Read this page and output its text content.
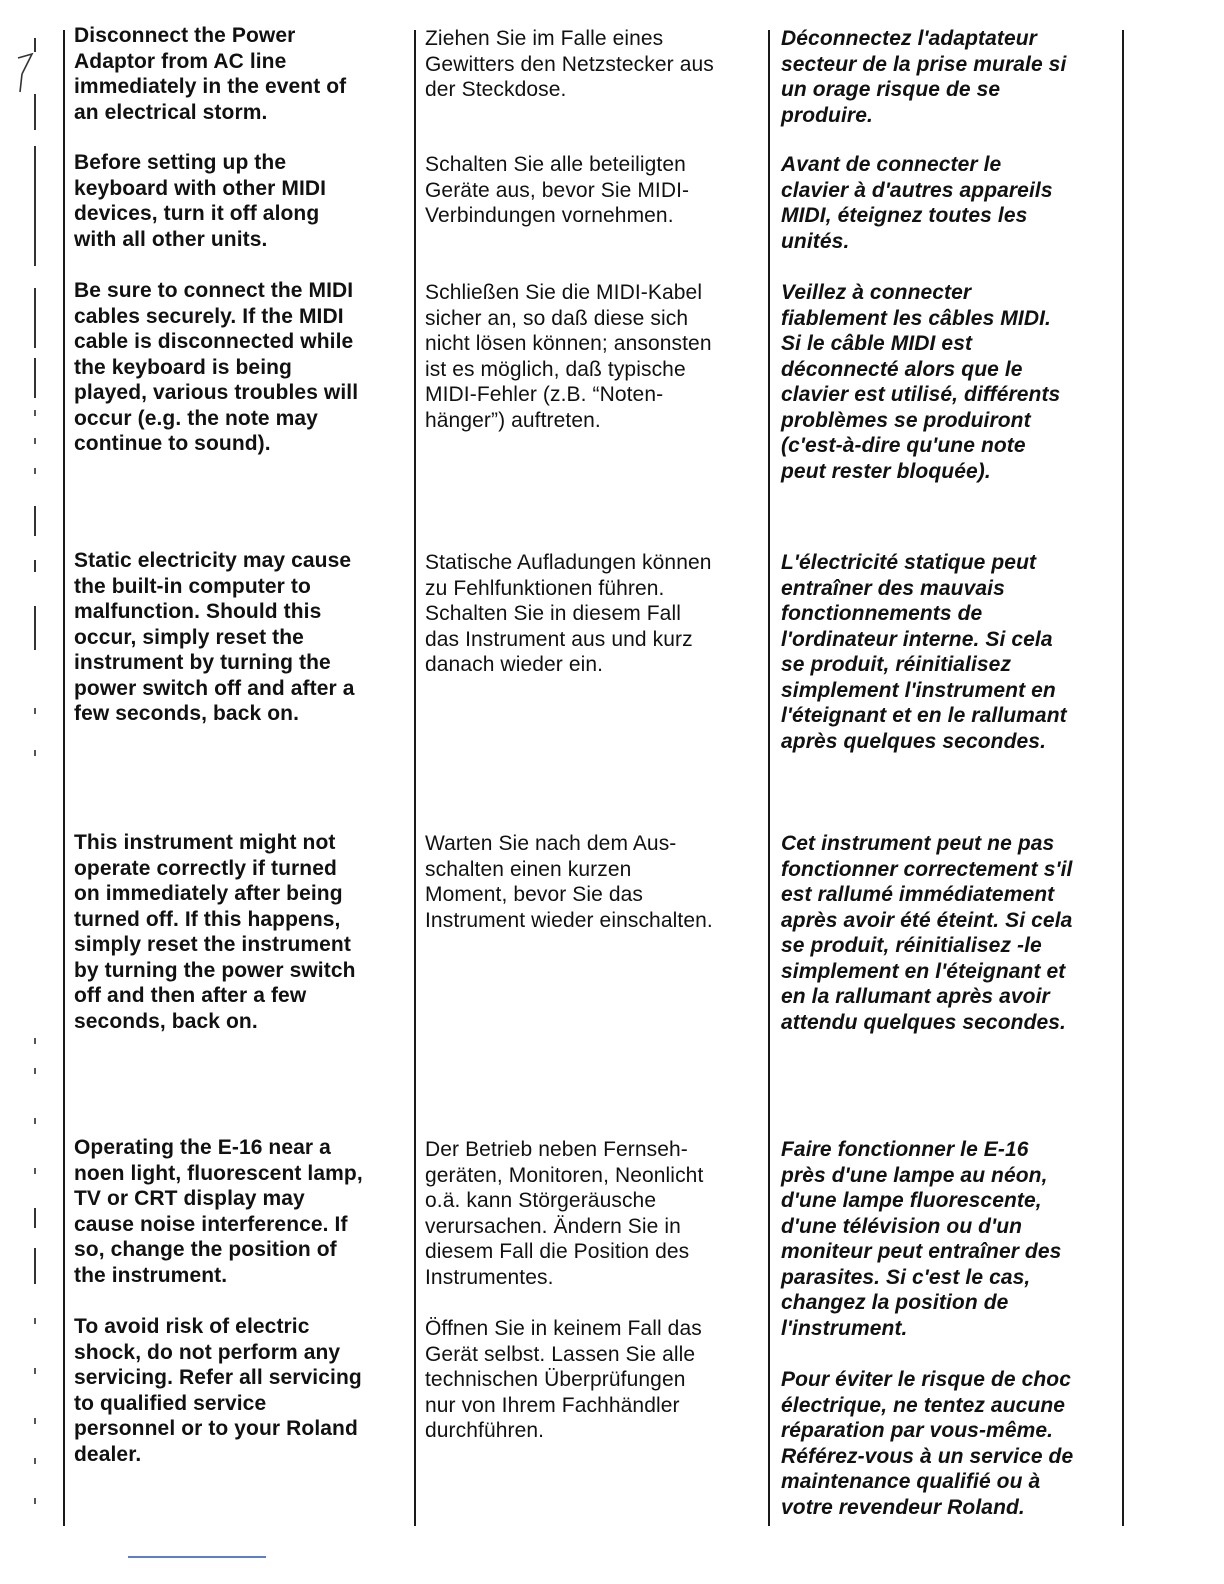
Disconnect the Power
Adaptor from AC line
immediately in the event of
an electrical storm.
Ziehen Sie im Falle eines
Gewitters den Netzstecker aus
der Steckdose.
Déconnectez l'adaptateur
secteur de la prise murale si
un orage risque de se
produire.
Before setting up the
keyboard with other MIDI
devices, turn it off along
with all other units.
Schalten Sie alle beteiligten
Geräte aus, bevor Sie MIDI-
Verbindungen vornehmen.
Avant de connecter le
clavier à d'autres appareils
MIDI, éteignez toutes les
unités.
Be sure to connect the MIDI
cables securely. If the MIDI
cable is disconnected while
the keyboard is being
played, various troubles will
occur (e.g. the note may
continue to sound).
Schließen Sie die MIDI-Kabel
sicher an, so daß diese sich
nicht lösen können; ansonsten
ist es möglich, daß typische
MIDI-Fehler (z.B. “Noten-
hänger”) auftreten.
Veillez à connecter
fiablement les câbles MIDI.
Si le câble MIDI est
déconnecté alors que le
clavier est utilisé, différents
problèmes se produiront
(c'est-à-dire qu'une note
peut rester bloquée).
Static electricity may cause
the built-in computer to
malfunction. Should this
occur, simply reset the
instrument by turning the
power switch off and after a
few seconds, back on.
Statische Aufladungen können
zu Fehlfunktionen führen.
Schalten Sie in diesem Fall
das Instrument aus und kurz
danach wieder ein.
L'électricité statique peut
entraîner des mauvais
fonctionnements de
l'ordinateur interne. Si cela
se produit, réinitialisez
simplement l'instrument en
l'éteignant et en le rallumant
après quelques secondes.
This instrument might not
operate correctly if turned
on immediately after being
turned off. If this happens,
simply reset the instrument
by turning the power switch
off and then after a few
seconds, back on.
Warten Sie nach dem Aus-
schalten einen kurzen
Moment, bevor Sie das
Instrument wieder einschalten.
Cet instrument peut ne pas
fonctionner correctement s'il
est rallumé immédiatement
après avoir été éteint. Si cela
se produit, réinitialisez -le
simplement en l'éteignant et
en la rallumant après avoir
attendu quelques secondes.
Operating the E-16 near a
noen light, fluorescent lamp,
TV or CRT display may
cause noise interference. If
so, change the position of
the instrument.
Der Betrieb neben Fernseh-
geräten, Monitoren, Neonlicht
o.ä. kann Störgeräusche
verursachen. Ändern Sie in
diesem Fall die Position des
Instrumentes.
Faire fonctionner le E-16
près d'une lampe au néon,
d'une lampe fluorescente,
d'une télévision ou d'un
moniteur peut entraîner des
parasites. Si c'est le cas,
changez la position de
l'instrument.
To avoid risk of electric
shock, do not perform any
servicing. Refer all servicing
to qualified service
personnel or to your Roland
dealer.
Öffnen Sie in keinem Fall das
Gerät selbst. Lassen Sie alle
technischen Überprüfungen
nur von Ihrem Fachhändler
durchführen.
Pour éviter le risque de choc
électrique, ne tentez aucune
réparation par vous-même.
Référez-vous à un service de
maintenance qualifié ou à
votre revendeur Roland.
